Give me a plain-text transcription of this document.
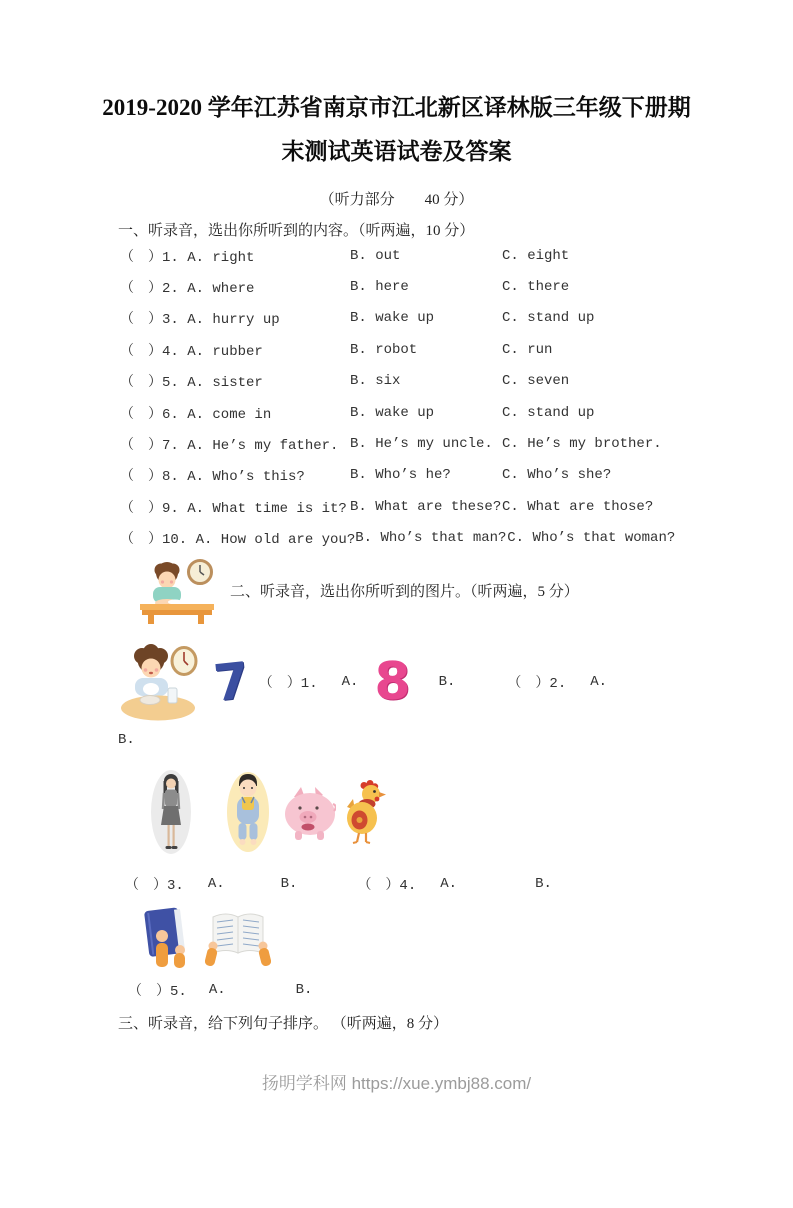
2019-2020 学年江苏省南京市江北新区译林版三年级下册期
末测试英语试卷及答案
（听力部分　　40 分）
一、听录音，选出你所听到的内容。（听两遍，10 分）
（　）1. A. right	B. out	C. eight
（　）2. A. where	B. here	C. there
（　）3. A. hurry up	B. wake up	C. stand up
（　）4. A. rubber	B. robot	C. run
（　）5. A. sister	B. six	C. seven
（　）6. A. come in	B. wake up	C. stand up
（　）7. A. He’s my father. B. He’s my uncle. C. He’s my brother.
（　）8. A. Who’s this?	B. Who’s he?	C. Who’s she?
（　）9. A. What time is it? B. What are these? C. What are those?
（　）10. A. How old are you? B. Who’s that man? C. Who’s that woman?
二、听录音，选出你所听到的图片。（听两遍，5 分）
7 （　）1. A. 8 B.	（　）2. A.
B.
（　）3. A.	B.	（　）4. A.	B.
（　）5. A.	B.
三、听录音，给下列句子排序。 （听两遍，8 分）
扬明学科网 https://xue.ymbj88.com/
